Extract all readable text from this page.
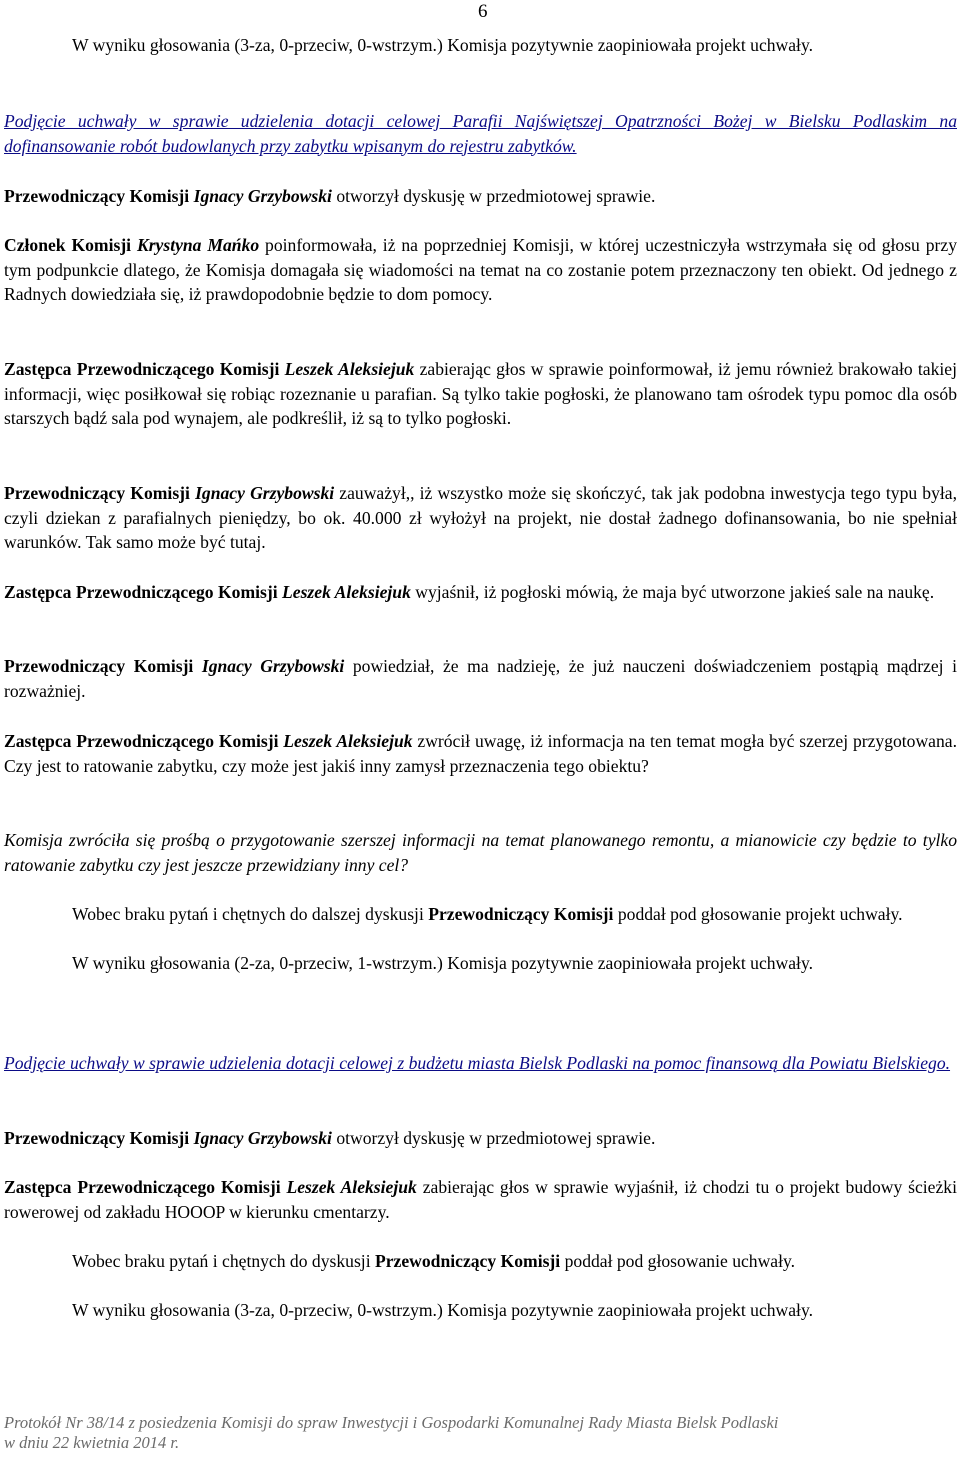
6

W wyniku głosowania (3-za, 0-przeciw, 0-wstrzym.) Komisja pozytywnie zaopiniowała projekt uchwały.

Podjęcie uchwały w sprawie udzielenia dotacji celowej Parafii Najświętszej Opatrzności Bożej w Bielsku Podlaskim na dofinansowanie robót budowlanych przy zabytku wpisanym do rejestru zabytków.

Przewodniczący Komisji Ignacy Grzybowski otworzył dyskusję w przedmiotowej sprawie.

Członek Komisji Krystyna Mańko poinformowała, iż na poprzedniej Komisji, w której uczestniczyła wstrzymała się od głosu przy tym podpunkcie dlatego, że Komisja domagała się wiadomości na temat na co zostanie potem przeznaczony ten obiekt. Od jednego z Radnych dowiedziała się, iż prawdopodobnie będzie to dom pomocy.

Zastępca Przewodniczącego Komisji Leszek Aleksiejuk zabierając głos w sprawie poinformował, iż jemu również brakowało takiej informacji, więc posiłkował się robiąc rozeznanie u parafian. Są tylko takie pogłoski, że planowano tam ośrodek typu pomoc dla osób starszych bądź sala pod wynajem, ale podkreślił, iż są to tylko pogłoski.

Przewodniczący Komisji Ignacy Grzybowski zauważył,, iż wszystko może się skończyć, tak jak podobna inwestycja tego typu była, czyli dziekan z parafialnych pieniędzy, bo ok. 40.000 zł wyłożył na projekt, nie dostał żadnego dofinansowania, bo nie spełniał warunków. Tak samo może być tutaj.

Zastępca Przewodniczącego Komisji Leszek Aleksiejuk wyjaśnił, iż pogłoski mówią, że maja być utworzone jakieś sale na naukę.

Przewodniczący Komisji Ignacy Grzybowski powiedział, że ma nadzieję, że już nauczeni doświadczeniem postąpią mądrzej i rozważniej.

Zastępca Przewodniczącego Komisji Leszek Aleksiejuk zwrócił uwagę, iż informacja na ten temat mogła być szerzej przygotowana. Czy jest to ratowanie zabytku, czy może jest jakiś inny zamysł przeznaczenia tego obiektu?

Komisja zwróciła się prośbą o przygotowanie szerszej informacji na temat planowanego remontu, a mianowicie czy będzie to tylko ratowanie zabytku czy jest jeszcze przewidziany inny cel?

Wobec braku pytań i chętnych do dalszej dyskusji Przewodniczący Komisji poddał pod głosowanie projekt uchwały.

W wyniku głosowania (2-za, 0-przeciw, 1-wstrzym.) Komisja pozytywnie zaopiniowała projekt uchwały.

Podjęcie uchwały w sprawie udzielenia dotacji celowej z budżetu miasta Bielsk Podlaski na pomoc finansową dla Powiatu Bielskiego.

Przewodniczący Komisji Ignacy Grzybowski otworzył dyskusję w przedmiotowej sprawie.

Zastępca Przewodniczącego Komisji Leszek Aleksiejuk zabierając głos w sprawie wyjaśnił, iż chodzi tu o projekt budowy ścieżki rowerowej od zakładu HOOOP w kierunku cmentarzy.

Wobec braku pytań i chętnych do dyskusji Przewodniczący Komisji poddał pod głosowanie uchwały.

W wyniku głosowania (3-za, 0-przeciw, 0-wstrzym.) Komisja pozytywnie zaopiniowała projekt uchwały.

Protokół Nr 38/14 z posiedzenia Komisji do spraw Inwestycji i Gospodarki Komunalnej Rady Miasta Bielsk Podlaski
w dniu 22 kwietnia 2014 r.
